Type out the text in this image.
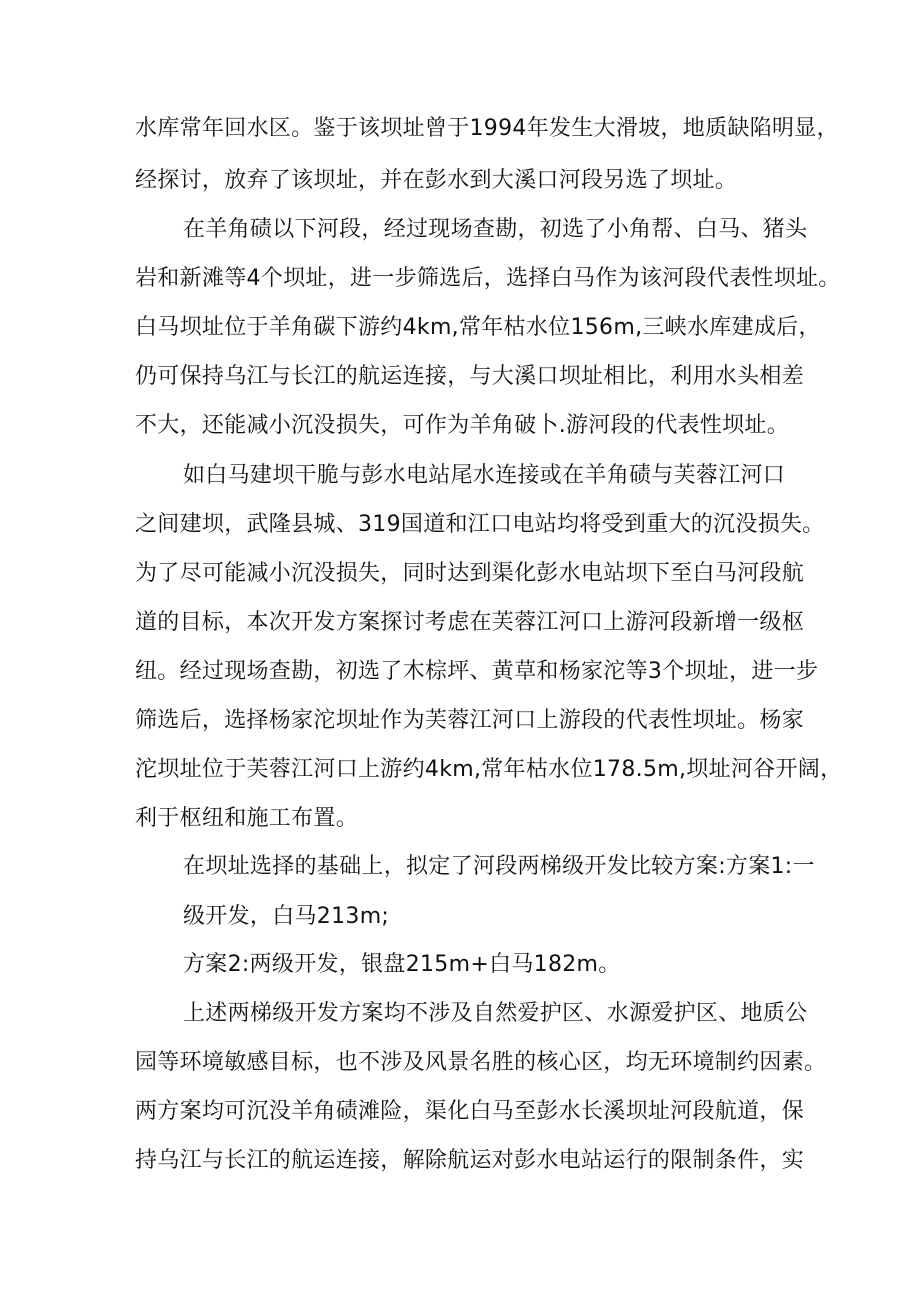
水库常年回水区。鉴于该坝址曾于1994年发生大滑坡，地质缺陷明显，
经探讨，放弃了该坝址，并在彭水到大溪口河段另选了坝址。
在羊角碛以下河段，经过现场查勘，初选了小角帮、白马、猪头
岩和新滩等4个坝址，进一步筛选后，选择白马作为该河段代表性坝址。
白马坝址位于羊角碳下游约4km,常年枯水位156m,三峡水库建成后，
仍可保持乌江与长江的航运连接，与大溪口坝址相比，利用水头相差
不大，还能减小沉没损失，可作为羊角破卜.游河段的代表性坝址。
如白马建坝干脆与彭水电站尾水连接或在羊角碛与芙蓉江河口
之间建坝，武隆县城、319国道和江口电站均将受到重大的沉没损失。
为了尽可能减小沉没损失，同时达到渠化彭水电站坝下至白马河段航
道的目标，本次开发方案探讨考虑在芙蓉江河口上游河段新增一级枢
纽。经过现场查勘，初选了木棕坪、黄草和杨家沱等3个坝址，进一步
筛选后，选择杨家沱坝址作为芙蓉江河口上游段的代表性坝址。杨家
沱坝址位于芙蓉江河口上游约4km,常年枯水位178.5m,坝址河谷开阔，
利于枢纽和施工布置。
在坝址选择的基础上，拟定了河段两梯级开发比较方案:方案1:一
级开发，白马213m;
方案2:两级开发，银盘215m+白马182m。
上述两梯级开发方案均不涉及自然爱护区、水源爱护区、地质公
园等环境敏感目标，也不涉及风景名胜的核心区，均无环境制约因素。
两方案均可沉没羊角碛滩险，渠化白马至彭水长溪坝址河段航道，保
持乌江与长江的航运连接，解除航运对彭水电站运行的限制条件，实
